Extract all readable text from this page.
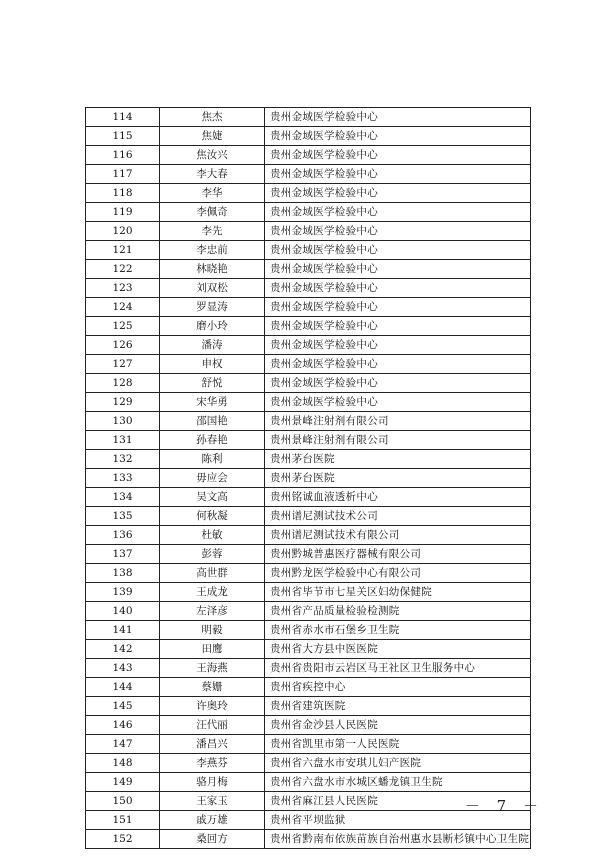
114	焦杰	贵州金域医学检验中心
115	焦婕	贵州金域医学检验中心
116	焦汝兴	贵州金域医学检验中心
117	李大春	贵州金域医学检验中心
118	李华	贵州金域医学检验中心
119	李佩奇	贵州金域医学检验中心
120	李先	贵州金域医学检验中心
121	李忠前	贵州金域医学检验中心
122	林晓艳	贵州金域医学检验中心
123	刘双松	贵州金域医学检验中心
124	罗显涛	贵州金域医学检验中心
125	磨小玲	贵州金域医学检验中心
126	潘涛	贵州金域医学检验中心
127	申权	贵州金域医学检验中心
128	舒悦	贵州金域医学检验中心
129	宋华勇	贵州金域医学检验中心
130	邵国艳	贵州景峰注射剂有限公司
131	孙春艳	贵州景峰注射剂有限公司
132	陈利	贵州茅台医院
133	毋应会	贵州茅台医院
134	吴文高	贵州铭诚血液透析中心
135	何秋凝	贵州谱尼测试技术公司
136	杜敏	贵州谱尼测试技术有限公司
137	彭蓉	贵州黔城普惠医疗器械有限公司
138	高世群	贵州黔龙医学检验中心有限公司
139	王成龙	贵州省毕节市七星关区妇幼保健院
140	左泽彦	贵州省产品质量检验检测院
141	明毅	贵州省赤水市石堡乡卫生院
142	田鹰	贵州省大方县中医医院
143	王海燕	贵州省贵阳市云岩区马王社区卫生服务中心
144	蔡姗	贵州省疾控中心
145	许奥玲	贵州省建筑医院
146	汪代丽	贵州省金沙县人民医院
147	潘昌兴	贵州省凯里市第一人民医院
148	李燕芬	贵州省六盘水市安琪儿妇产医院
149	骆月梅	贵州省六盘水市水城区蟠龙镇卫生院
150	王家玉	贵州省麻江县人民医院
151	戚万雄	贵州省平坝监狱
152	桑回方	贵州省黔南布依族苗族自治州惠水县断杉镇中心卫生院
－ 7 －
